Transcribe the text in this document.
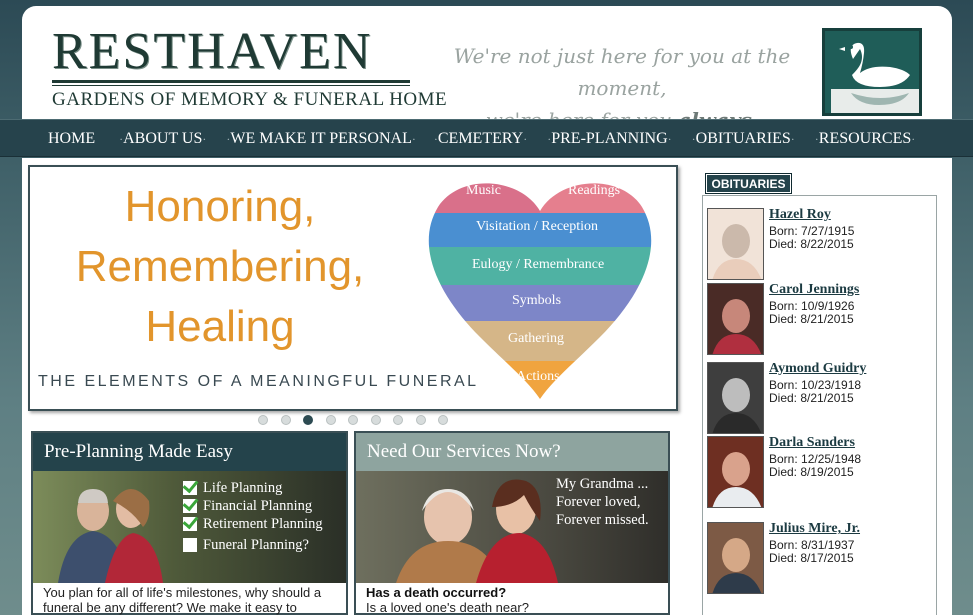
RESTHAVEN
GARDENS OF MEMORY & FUNERAL HOME
We're not just here for you at the moment,
HOME ·ABOUT US· ·WE MAKE IT PERSONAL· ·CEMETERY· ·PRE-PLANNING· ·OBITUARIES· ·RESOURCES·
Honoring,
Remembering,
Healing
THE ELEMENTS OF A MEANINGFUL FUNERAL
Music	Readings
Visitation / Reception
Eulogy / Remembrance
Symbols
Gathering
Actions
Pre-Planning Made Easy
Life Planning
Financial Planning
Retirement Planning
Funeral Planning?
You plan for all of life's milestones, why should a funeral be any different? We make it easy to
Need Our Services Now?
My Grandma ...
Forever loved,
Forever missed.
Has a death occurred?
Is a loved one's death near?
OBITUARIES
Hazel Roy
Born: 7/27/1915
Died: 8/22/2015
Carol Jennings
Born: 10/9/1926
Died: 8/21/2015
Aymond Guidry
Born: 10/23/1918
Died: 8/21/2015
Darla Sanders
Born: 12/25/1948
Died: 8/19/2015
Julius Mire, Jr.
Born: 8/31/1937
Died: 8/17/2015
